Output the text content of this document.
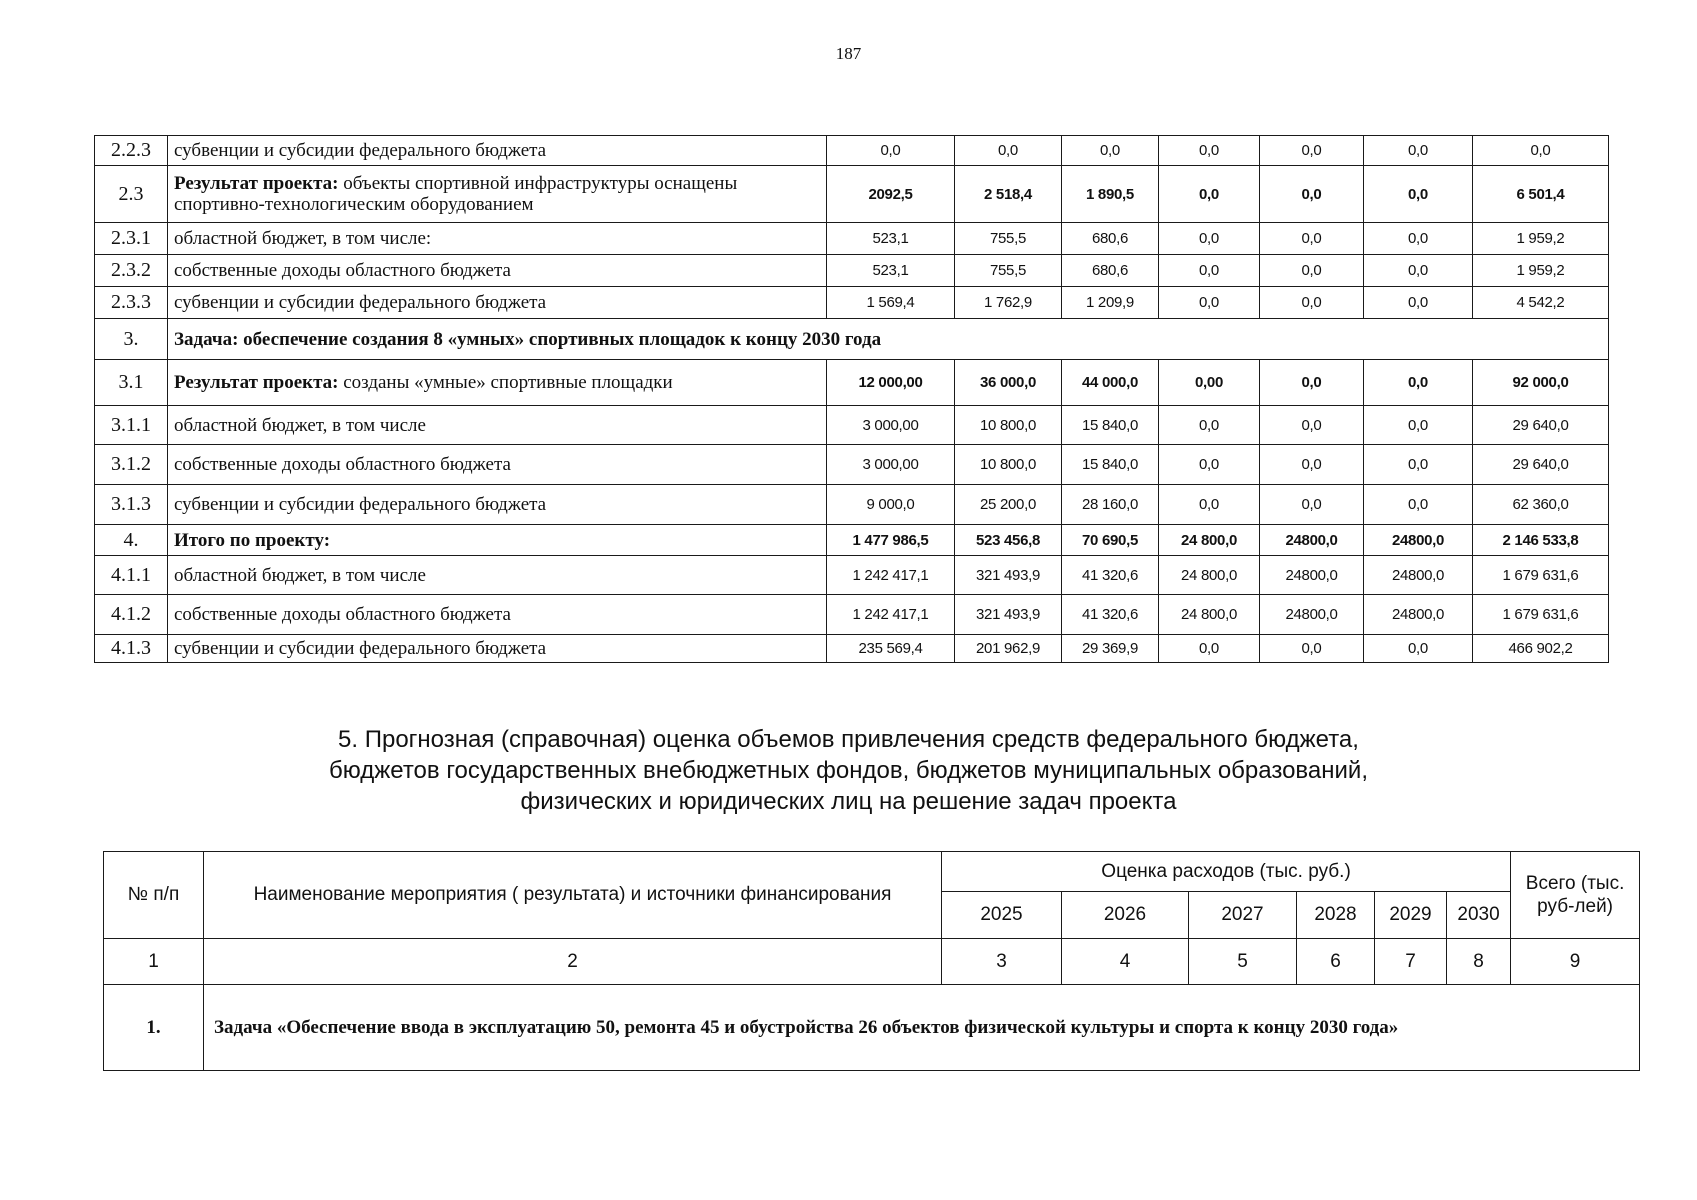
187
2.2.3	субвенции и субсидии федерального бюджета	0,0	0,0	0,0	0,0	0,0	0,0	0,0
2.3	Результат проекта: объекты спортивной инфраструктуры оснащены спортивно-технологическим оборудованием	2092,5	2 518,4	1 890,5	0,0	0,0	0,0	6 501,4
2.3.1	областной бюджет, в том числе:	523,1	755,5	680,6	0,0	0,0	0,0	1 959,2
2.3.2	собственные доходы областного бюджета	523,1	755,5	680,6	0,0	0,0	0,0	1 959,2
2.3.3	субвенции и субсидии федерального бюджета	1 569,4	1 762,9	1 209,9	0,0	0,0	0,0	4 542,2
3.	Задача: обеспечение создания 8 «умных» спортивных площадок к концу 2030 года							
3.1	Результат проекта: созданы «умные» спортивные площадки	12 000,00	36 000,0	44 000,0	0,00	0,0	0,0	92 000,0
3.1.1	областной бюджет, в том числе	3 000,00	10 800,0	15 840,0	0,0	0,0	0,0	29 640,0
3.1.2	собственные доходы областного бюджета	3 000,00	10 800,0	15 840,0	0,0	0,0	0,0	29 640,0
3.1.3	субвенции и субсидии федерального бюджета	9 000,0	25 200,0	28 160,0	0,0	0,0	0,0	62 360,0
4.	Итого по проекту:	1 477 986,5	523 456,8	70 690,5	24 800,0	24800,0	24800,0	2 146 533,8
4.1.1	областной бюджет, в том числе	1 242 417,1	321 493,9	41 320,6	24 800,0	24800,0	24800,0	1 679 631,6
4.1.2	собственные доходы областного бюджета	1 242 417,1	321 493,9	41 320,6	24 800,0	24800,0	24800,0	1 679 631,6
4.1.3	субвенции и субсидии федерального бюджета	235 569,4	201 962,9	29 369,9	0,0	0,0	0,0	466 902,2
5. Прогнозная (справочная) оценка объемов привлечения средств федерального бюджета,
бюджетов государственных внебюджетных фондов, бюджетов муниципальных образований,
физических и юридических лиц на решение задач проекта
№ п/п	Наименование мероприятия ( результата) и источники финансирования	Оценка расходов (тыс. руб.)						Всего (тыс. руб-лей)
		2025	2026	2027	2028	2029	2030	
1	2	3	4	5	6	7	8	9
1.	Задача «Обеспечение ввода в эксплуатацию 50, ремонта 45 и обустройства 26 объектов физической культуры и спорта к концу 2030 года»							
